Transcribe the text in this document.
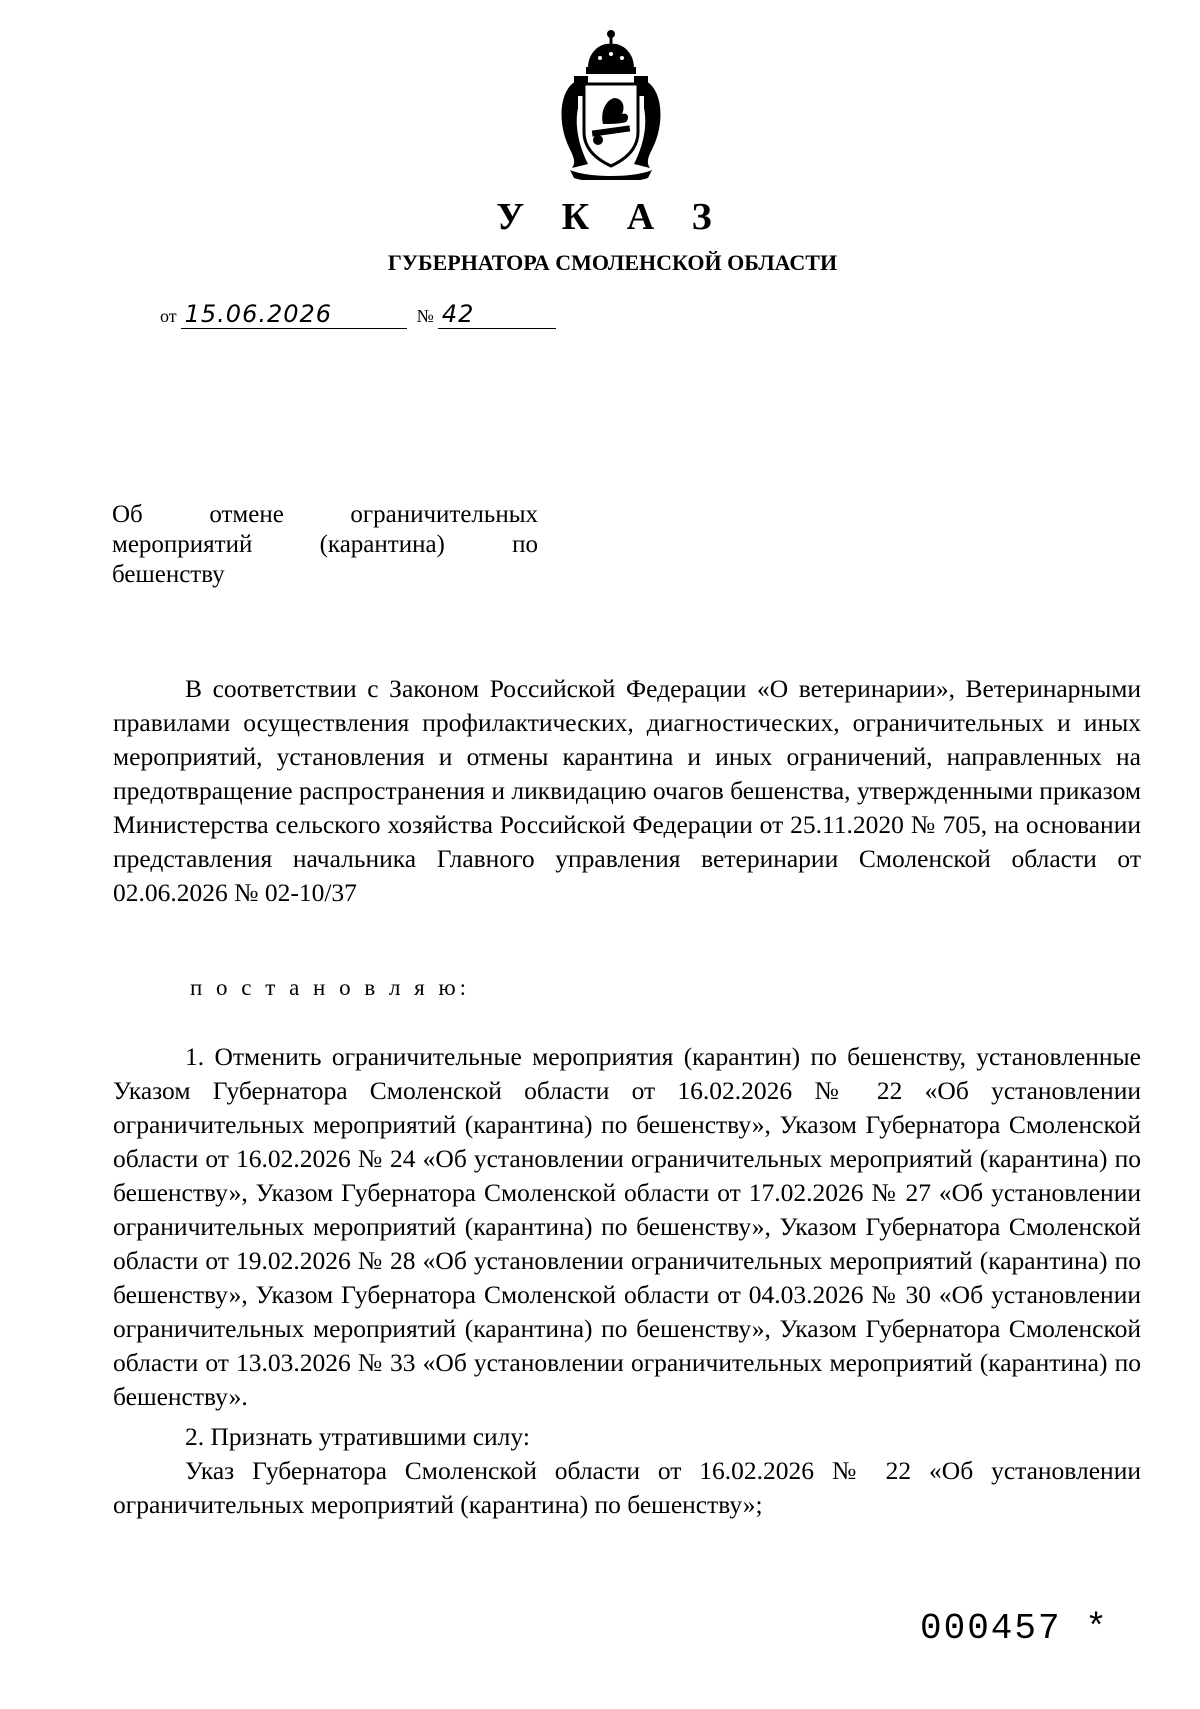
У К А З
ГУБЕРНАТОРА СМОЛЕНСКОЙ ОБЛАСТИ
от 15.06.2026	№ 42
Об отмене ограничительных
мероприятий (карантина) по
бешенству

В соответствии с Законом Российской Федерации «О ветеринарии», Ветеринарными правилами осуществления профилактических, диагностических, ограничительных и иных мероприятий, установления и отмены карантина и иных ограничений, направленных на предотвращение распространения и ликвидацию очагов бешенства, утвержденными приказом Министерства сельского хозяйства Российской Федерации от 25.11.2020 № 705, на основании представления начальника Главного управления ветеринарии Смоленской области от 02.06.2026 № 02-10/37

п о с т а н о в л я ю:

1. Отменить ограничительные мероприятия (карантин) по бешенству, установленные Указом Губернатора Смоленской области от 16.02.2026 № 22 «Об установлении ограничительных мероприятий (карантина) по бешенству», Указом Губернатора Смоленской области от 16.02.2026 № 24 «Об установлении ограничительных мероприятий (карантина) по бешенству», Указом Губернатора Смоленской области от 17.02.2026 № 27 «Об установлении ограничительных мероприятий (карантина) по бешенству», Указом Губернатора Смоленской области от 19.02.2026 № 28 «Об установлении ограничительных мероприятий (карантина) по бешенству», Указом Губернатора Смоленской области от 04.03.2026 № 30 «Об установлении ограничительных мероприятий (карантина) по бешенству», Указом Губернатора Смоленской области от 13.03.2026 № 33 «Об установлении ограничительных мероприятий (карантина) по бешенству».

2. Признать утратившими силу:

Указ Губернатора Смоленской области от 16.02.2026 № 22 «Об установлении ограничительных мероприятий (карантина) по бешенству»;

000457 *
